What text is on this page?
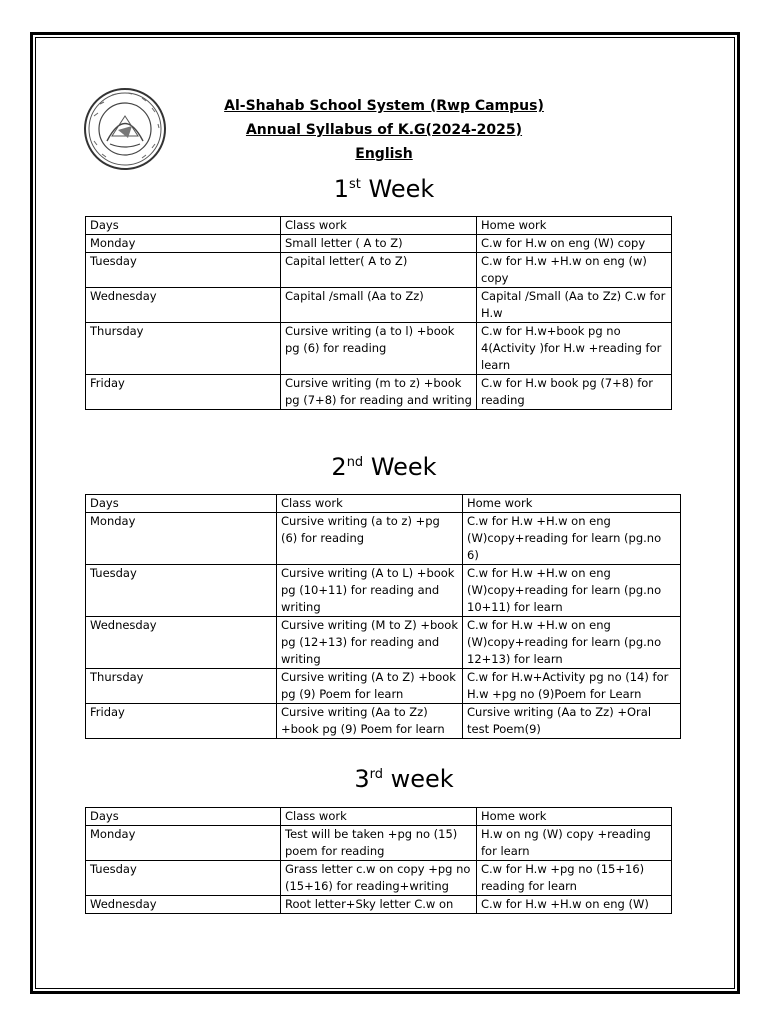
Al-Shahab School System (Rwp Campus)
Annual Syllabus of K.G(2024-2025)
English
1st Week
Days	Class work	Home work
Monday	Small letter ( A to Z)	C.w for H.w on eng (W) copy
Tuesday	Capital letter( A to Z)	C.w for H.w +H.w on eng (w) copy
Wednesday	Capital /small (Aa to Zz)	Capital /Small (Aa to Zz) C.w for H.w
Thursday	Cursive writing (a to l) +book pg (6) for reading	C.w for H.w+book pg no 4(Activity )for H.w +reading for learn
Friday	Cursive writing (m to z) +book pg (7+8) for reading and writing	C.w for H.w book pg (7+8) for reading
2nd Week
Days	Class work	Home work
Monday	Cursive writing (a to z) +pg (6) for reading	C.w for H.w +H.w on eng (W)copy+reading for learn (pg.no 6)
Tuesday	Cursive writing (A to L) +book pg (10+11) for reading and writing	C.w for H.w +H.w on eng (W)copy+reading for learn (pg.no 10+11) for learn
Wednesday	Cursive writing (M to Z) +book pg (12+13) for reading and writing	C.w for H.w +H.w on eng (W)copy+reading for learn (pg.no 12+13) for learn
Thursday	Cursive writing (A to Z) +book pg (9) Poem for learn	C.w for H.w+Activity pg no (14) for H.w +pg no (9)Poem for Learn
Friday	Cursive writing (Aa to Zz) +book pg (9) Poem for learn	Cursive writing (Aa to Zz) +Oral test Poem(9)
3rd week
Days	Class work	Home work
Monday	Test will be taken +pg no (15) poem for reading	H.w on ng (W) copy +reading for learn
Tuesday	Grass letter c.w on copy +pg no (15+16) for reading+writing	C.w for H.w +pg no (15+16) reading for learn
Wednesday	Root letter+Sky letter C.w on	C.w for H.w +H.w on eng (W)
